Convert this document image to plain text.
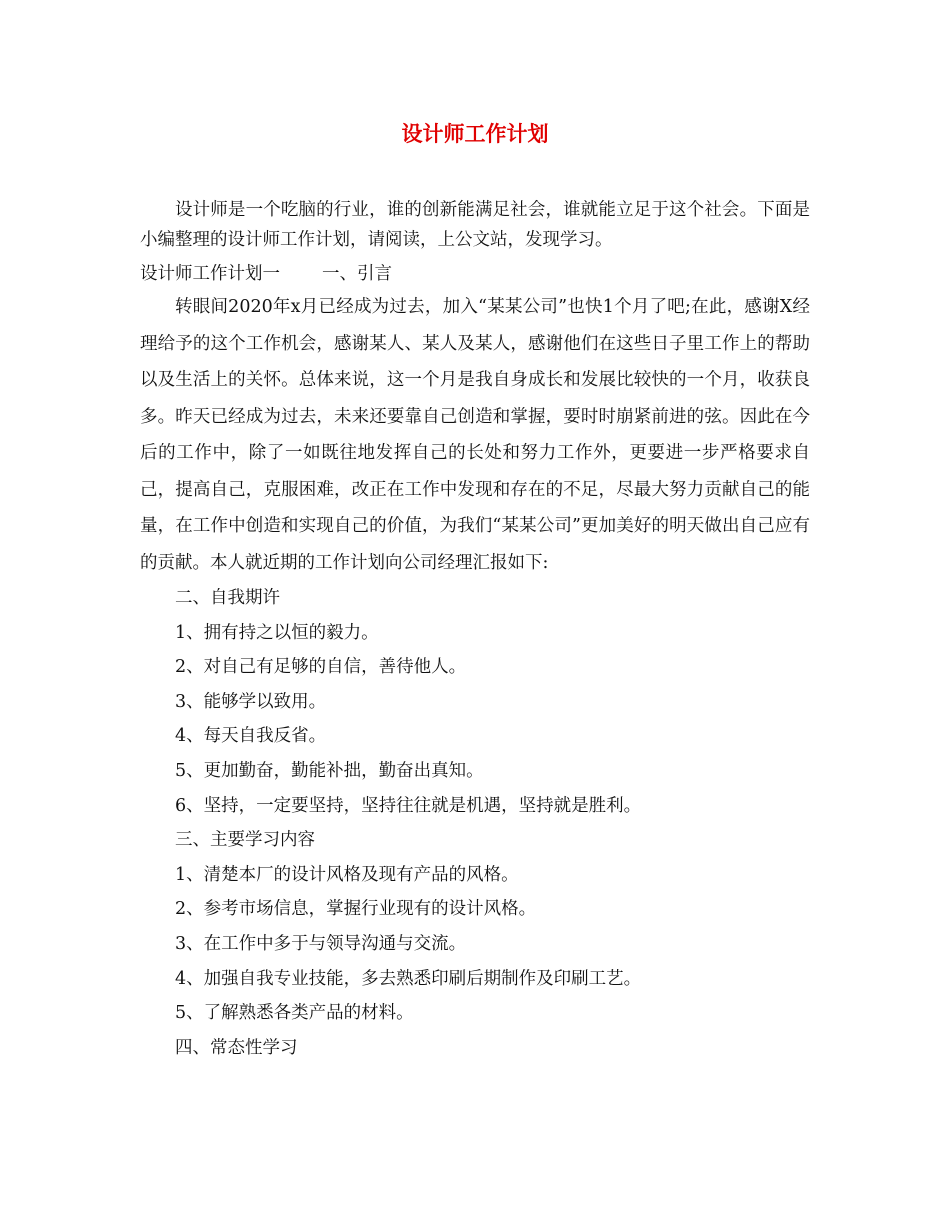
设计师工作计划

设计师是一个吃脑的行业，谁的创新能满足社会，谁就能立足于这个社会。下面是小编整理的设计师工作计划，请阅读，上公文站，发现学习。

设计师工作计划一 一、引言

转眼间2020年x月已经成为过去，加入“某某公司”也快1个月了吧;在此，感谢X经理给予的这个工作机会，感谢某人、某人及某人，感谢他们在这些日子里工作上的帮助以及生活上的关怀。总体来说，这一个月是我自身成长和发展比较快的一个月，收获良多。昨天已经成为过去，未来还要靠自己创造和掌握，要时时崩紧前进的弦。因此在今后的工作中，除了一如既往地发挥自己的长处和努力工作外，更要进一步严格要求自己，提高自己，克服困难，改正在工作中发现和存在的不足，尽最大努力贡献自己的能量，在工作中创造和实现自己的价值，为我们“某某公司”更加美好的明天做出自己应有的贡献。本人就近期的工作计划向公司经理汇报如下:

二、自我期许
1、拥有持之以恒的毅力。
2、对自己有足够的自信，善待他人。
3、能够学以致用。
4、每天自我反省。
5、更加勤奋，勤能补拙，勤奋出真知。
6、坚持，一定要坚持，坚持往往就是机遇，坚持就是胜利。
三、主要学习内容
1、清楚本厂的设计风格及现有产品的风格。
2、参考市场信息，掌握行业现有的设计风格。
3、在工作中多于与领导沟通与交流。
4、加强自我专业技能，多去熟悉印刷后期制作及印刷工艺。
5、了解熟悉各类产品的材料。
四、常态性学习
